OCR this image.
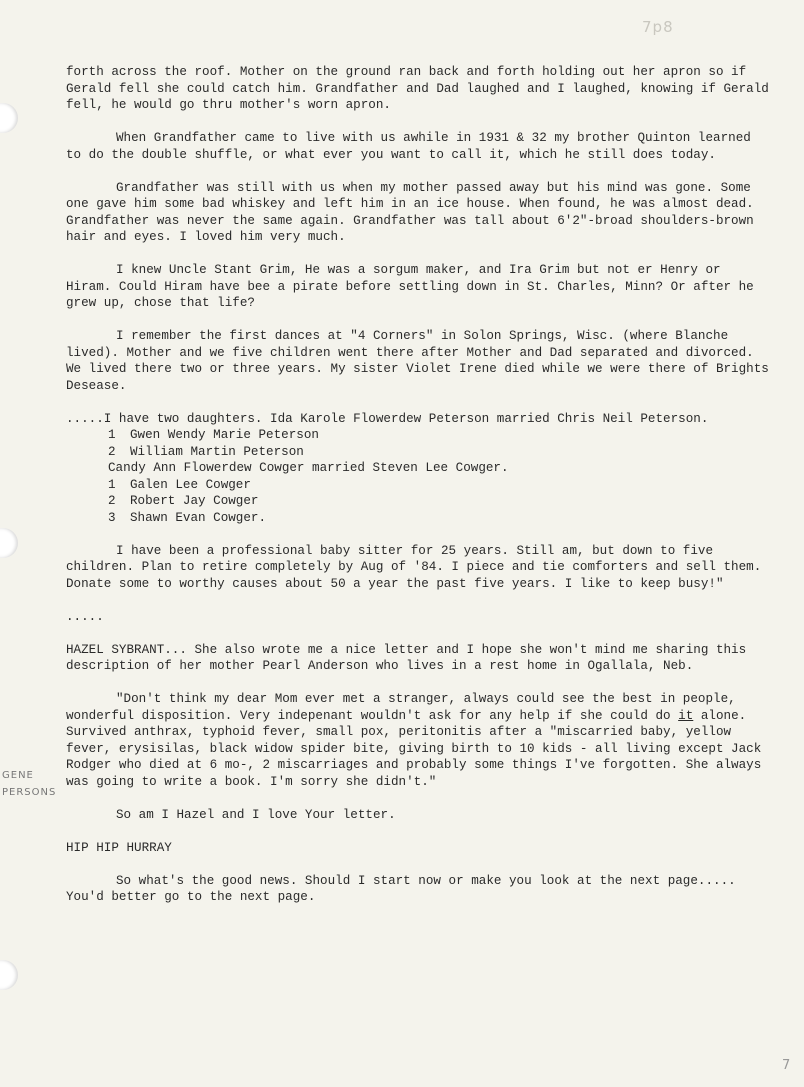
7p8
GENE
PERSONS

forth across the roof. Mother on the ground ran back and forth holding out her apron so if Gerald fell she could catch him. Grandfather and Dad laughed and I laughed, knowing if Gerald fell, he would go thru mother's worn apron.

When Grandfather came to live with us awhile in 1931 & 32 my brother Quinton learned to do the double shuffle, or what ever you want to call it, which he still does today.

Grandfather was still with us when my mother passed away but his mind was gone. Some one gave him some bad whiskey and left him in an ice house. When found, he was almost dead. Grandfather was never the same again. Grandfather was tall about 6'2"-broad shoulders-brown hair and eyes. I loved him very much.

I knew Uncle Stant Grim, He was a sorgum maker, and Ira Grim but not er Henry or Hiram. Could Hiram have bee a pirate before settling down in St. Charles, Minn? Or after he grew up, chose that life?

I remember the first dances at "4 Corners" in Solon Springs, Wisc. (where Blanche lived). Mother and we five children went there after Mother and Dad separated and divorced. We lived there two or three years. My sister Violet Irene died while we were there of Brights Desease.

.....I have two daughters. Ida Karole Flowerdew Peterson married Chris Neil Peterson.

1 Gwen Wendy Marie Peterson
2 William Martin Peterson
Candy Ann Flowerdew Cowger married Steven Lee Cowger.
1 Galen Lee Cowger
2 Robert Jay Cowger
3 Shawn Evan Cowger.

I have been a professional baby sitter for 25 years. Still am, but down to five children. Plan to retire completely by Aug of '84. I piece and tie comforters and sell them. Donate some to worthy causes about 50 a year the past five years. I like to keep busy!"

.....

HAZEL SYBRANT... She also wrote me a nice letter and I hope she won't mind me sharing this description of her mother Pearl Anderson who lives in a rest home in Ogallala, Neb.

"Don't think my dear Mom ever met a stranger, always could see the best in people, wonderful disposition. Very indepenant wouldn't ask for any help if she could do it alone. Survived anthrax, typhoid fever, small pox, peritonitis after a "miscarried baby, yellow fever, erysisilas, black widow spider bite, giving birth to 10 kids - all living except Jack Rodger who died at 6 mo-, 2 miscarriages and probably some things I've forgotten. She always was going to write a book. I'm sorry she didn't."

So am I Hazel and I love Your letter.

HIP HIP HURRAY

So what's the good news. Should I start now or make you look at the next page..... You'd better go to the next page.

7
